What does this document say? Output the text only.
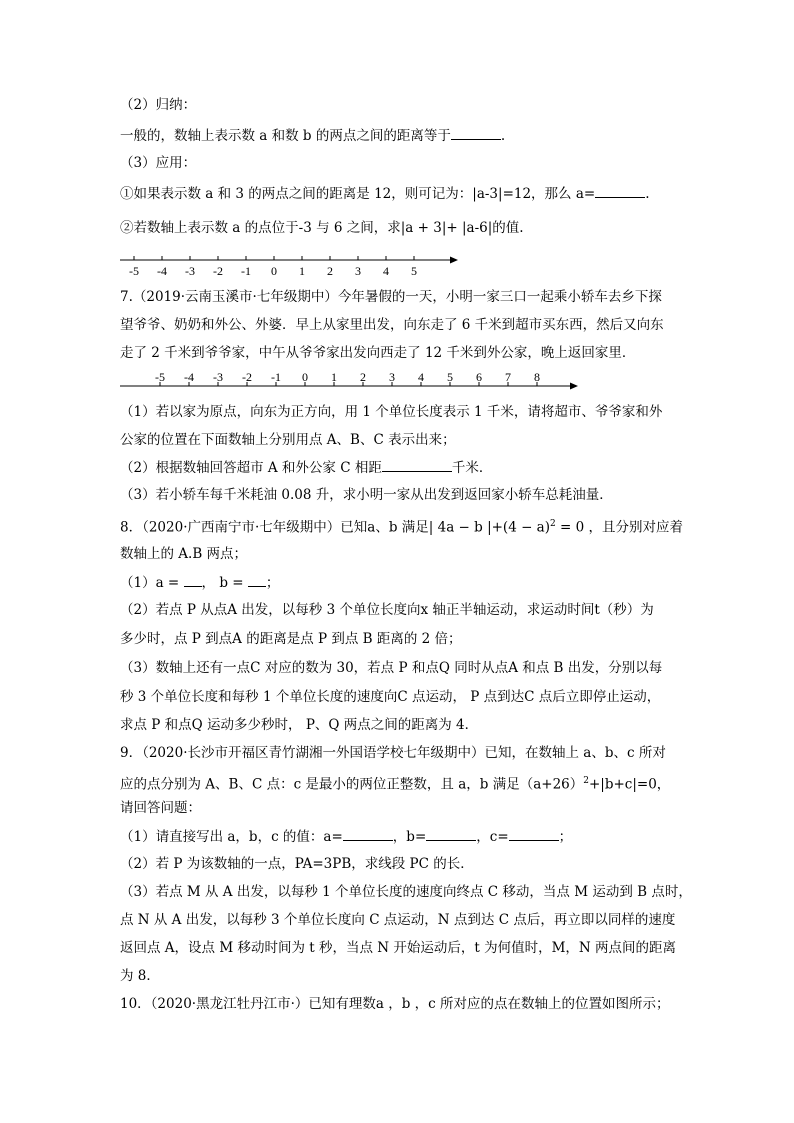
（2）归纳：
一般的，数轴上表示数 a 和数 b 的两点之间的距离等于	.
（3）应用：
①如果表示数 a 和 3 的两点之间的距离是 12，则可记为：|a-3|=12，那么 a=	.
②若数轴上表示数 a 的点位于-3 与 6 之间，求|a + 3|+ |a-6|的值.
-5 -4 -3 -2 -1 0 1 2 3 4 5
7.（2019·云南玉溪市·七年级期中）今年暑假的一天，小明一家三口一起乘小轿车去乡下探
望爷爷、奶奶和外公、外婆．早上从家里出发，向东走了 6 千米到超市买东西，然后又向东
走了 2 千米到爷爷家，中午从爷爷家出发向西走了 12 千米到外公家，晚上返回家里．
-5 -4 -3 -2 -1 0 1 2 3 4 5 6 7 8
（1）若以家为原点，向东为正方向，用 1 个单位长度表示 1 千米，请将超市、爷爷家和外
公家的位置在下面数轴上分别用点 A、B、C 表示出来；
（2）根据数轴回答超市 A 和外公家 C 相距	千米．
（3）若小轿车每千米耗油 0.08 升，求小明一家从出发到返回家小轿车总耗油量．
8．（2020·广西南宁市·七年级期中）已知a、b 满足| 4a − b $|+(4 - a)^2 = 0$ ，且分别对应着
数轴上的 A.B 两点；
（1）a = ， b = ；
（2）若点 P 从点A 出发，以每秒 3 个单位长度向x 轴正半轴运动，求运动时间t（秒）为
多少时，点 P 到点A 的距离是点 P 到点 B 距离的 2 倍；
（3）数轴上还有一点C 对应的数为 30，若点 P 和点Q 同时从点A 和点 B 出发，分别以每
秒 3 个单位长度和每秒 1 个单位长度的速度向C 点运动， P 点到达C 点后立即停止运动，
求点 P 和点Q 运动多少秒时， P、Q 两点之间的距离为 4．
9．（2020·长沙市开福区青竹湖湘一外国语学校七年级期中）已知，在数轴上 a、b、c 所对
应的点分别为 A、B、C 点：c 是最小的两位正整数，且 a，b 满足$(a+26)^2+|b+c|=0$，
请回答问题：
（1）请直接写出 a，b，c 的值：a=	，b=	，c=	；
（2）若 P 为该数轴的一点，PA=3PB，求线段 PC 的长．
（3）若点 M 从 A 出发，以每秒 1 个单位长度的速度向终点 C 移动，当点 M 运动到 B 点时，
点 N 从 A 出发，以每秒 3 个单位长度向 C 点运动，N 点到达 C 点后，再立即以同样的速度
返回点 A，设点 M 移动时间为 t 秒，当点 N 开始运动后，t 为何值时，M，N 两点间的距离
为 8．
10．（2020·黑龙江牡丹江市·）已知有理数a ，b ，c 所对应的点在数轴上的位置如图所示；
